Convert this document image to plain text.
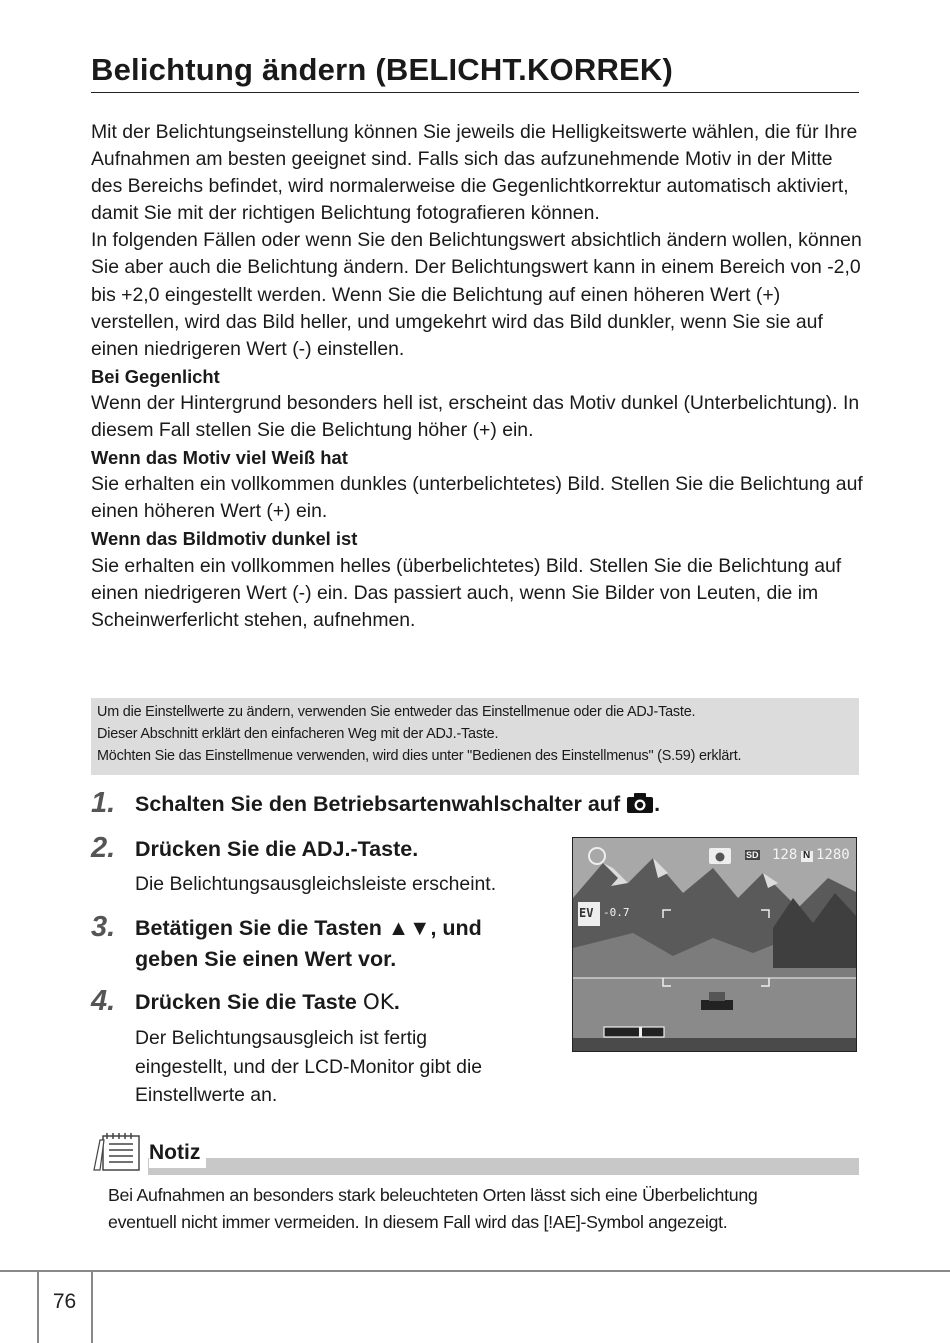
Belichtung ändern (BELICHT.KORREK)

Mit der Belichtungseinstellung können Sie jeweils die Helligkeitswerte wählen, die für Ihre Aufnahmen am besten geeignet sind. Falls sich das aufzunehmende Motiv in der Mitte des Bereichs befindet, wird normalerweise die Gegenlichtkorrektur automatisch aktiviert, damit Sie mit der richtigen Belichtung fotografieren können.

In folgenden Fällen oder wenn Sie den Belichtungswert absichtlich ändern wollen, können Sie aber auch die Belichtung ändern. Der Belichtungswert kann in einem Bereich von -2,0 bis +2,0 eingestellt werden. Wenn Sie die Belichtung auf einen höheren Wert (+) verstellen, wird das Bild heller, und umgekehrt wird das Bild dunkler, wenn Sie sie auf einen niedrigeren Wert (-) einstellen.

Bei Gegenlicht

Wenn der Hintergrund besonders hell ist, erscheint das Motiv dunkel (Unterbelichtung). In diesem Fall stellen Sie die Belichtung höher (+) ein.

Wenn das Motiv viel Weiß hat

Sie erhalten ein vollkommen dunkles (unterbelichtetes) Bild. Stellen Sie die Belichtung auf einen höheren Wert (+) ein.

Wenn das Bildmotiv dunkel ist

Sie erhalten ein vollkommen helles (überbelichtetes) Bild. Stellen Sie die Belichtung auf einen niedrigeren Wert (-) ein. Das passiert auch, wenn Sie Bilder von Leuten, die im Scheinwerferlicht stehen, aufnehmen.

Um die Einstellwerte zu ändern, verwenden Sie entweder das Einstellmenue oder die ADJ-Taste.
Dieser Abschnitt erklärt den einfacheren Weg mit der ADJ.-Taste.
Möchten Sie das Einstellmenue verwenden, wird dies unter "Bedienen des Einstellmenus" (S.59) erklärt.
1. Schalten Sie den Betriebsartenwahlschalter auf .
2. Drücken Sie die ADJ.-Taste.
Die Belichtungsausgleichsleiste erscheint.
3. Betätigen Sie die Tasten ▲▼, und
geben Sie einen Wert vor.
4. Drücken Sie die Taste OK.
Der Belichtungsausgleich ist fertig
eingestellt, und der LCD-Monitor gibt die
Einstellwerte an.
EV -0.7
SD 128 N 1280
Notiz
Bei Aufnahmen an besonders stark beleuchteten Orten lässt sich eine Überbelichtung
eventuell nicht immer vermeiden. In diesem Fall wird das [!AE]-Symbol angezeigt.
76
